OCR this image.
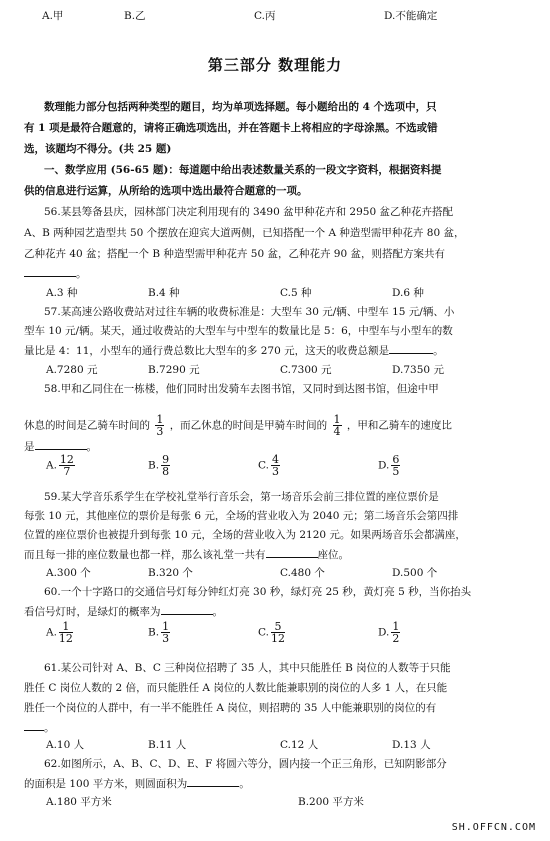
A.甲	B.乙	C.丙	D.不能确定
第三部分 数理能力
数理能力部分包括两种类型的题目，均为单项选择题。每小题给出的 4 个选项中，只
有 1 项是最符合题意的，请将正确选项选出，并在答题卡上将相应的字母涂黑。不选或错
选，该题均不得分。(共 25 题)
一、数学应用 (56-65 题)：每道题中给出表述数量关系的一段文字资料，根据资料提
供的信息进行运算，从所给的选项中选出最符合题意的一项。
56.某县筹备县庆，园林部门决定利用现有的 3490 盆甲种花卉和 2950 盆乙种花卉搭配
A、B 两种园艺造型共 50 个摆放在迎宾大道两侧，已知搭配一个 A 种造型需甲种花卉 80 盆，
乙种花卉 40 盆；搭配一个 B 种造型需甲种花卉 50 盆，乙种花卉 90 盆，则搭配方案共有
。
A.3 种	B.4 种	C.5 种	D.6 种
57.某高速公路收费站对过往车辆的收费标准是：大型车 30 元/辆、中型车 15 元/辆、小
型车 10 元/辆。某天，通过收费站的大型车与中型车的数量比是 5：6，中型车与小型车的数
量比是 4：11，小型车的通行费总数比大型车的多 270 元，这天的收费总额是	。
A.7280 元	B.7290 元	C.7300 元	D.7350 元
58.甲和乙同住在一栋楼，他们同时出发骑车去图书馆，又同时到达图书馆，但途中甲
休息的时间是乙骑车时间的 $\frac{1}{3}$ ，而乙休息的时间是甲骑车时间的 $\frac{1}{4}$ ，甲和乙骑车的速度比
是	。
A. $\frac{12}{7}$	B. $\frac{9}{8}$	C. $\frac{4}{3}$	D. $\frac{6}{5}$
59.某大学音乐系学生在学校礼堂举行音乐会，第一场音乐会前三排位置的座位票价是
每张 10 元，其他座位的票价是每张 6 元，全场的营业收入为 2040 元；第二场音乐会第四排
位置的座位票价也被提升到每张 10 元，全场的营业收入为 2120 元。如果两场音乐会都满座，
而且每一排的座位数量也都一样，那么该礼堂一共有	座位。
A.300 个	B.320 个	C.480 个	D.500 个
60.一个十字路口的交通信号灯每分钟红灯亮 30 秒，绿灯亮 25 秒，黄灯亮 5 秒，当你抬头
看信号灯时，是绿灯的概率为	。
A. $\frac{1}{12}$	B. $\frac{1}{3}$	C. $\frac{5}{12}$	D. $\frac{1}{2}$
61.某公司针对 A、B、C 三种岗位招聘了 35 人，其中只能胜任 B 岗位的人数等于只能
胜任 C 岗位人数的 2 倍，而只能胜任 A 岗位的人数比能兼职别的岗位的人多 1 人，在只能
胜任一个岗位的人群中，有一半不能胜任 A 岗位，则招聘的 35 人中能兼职别的岗位的有
。
A.10 人	B.11 人	C.12 人	D.13 人
62.如图所示，A、B、C、D、E、F 将圆六等分，圆内接一个正三角形，已知阴影部分
的面积是 100 平方米，则圆面积为	。
A.180 平方米	B.200 平方米
SH.OFFCN.COM
